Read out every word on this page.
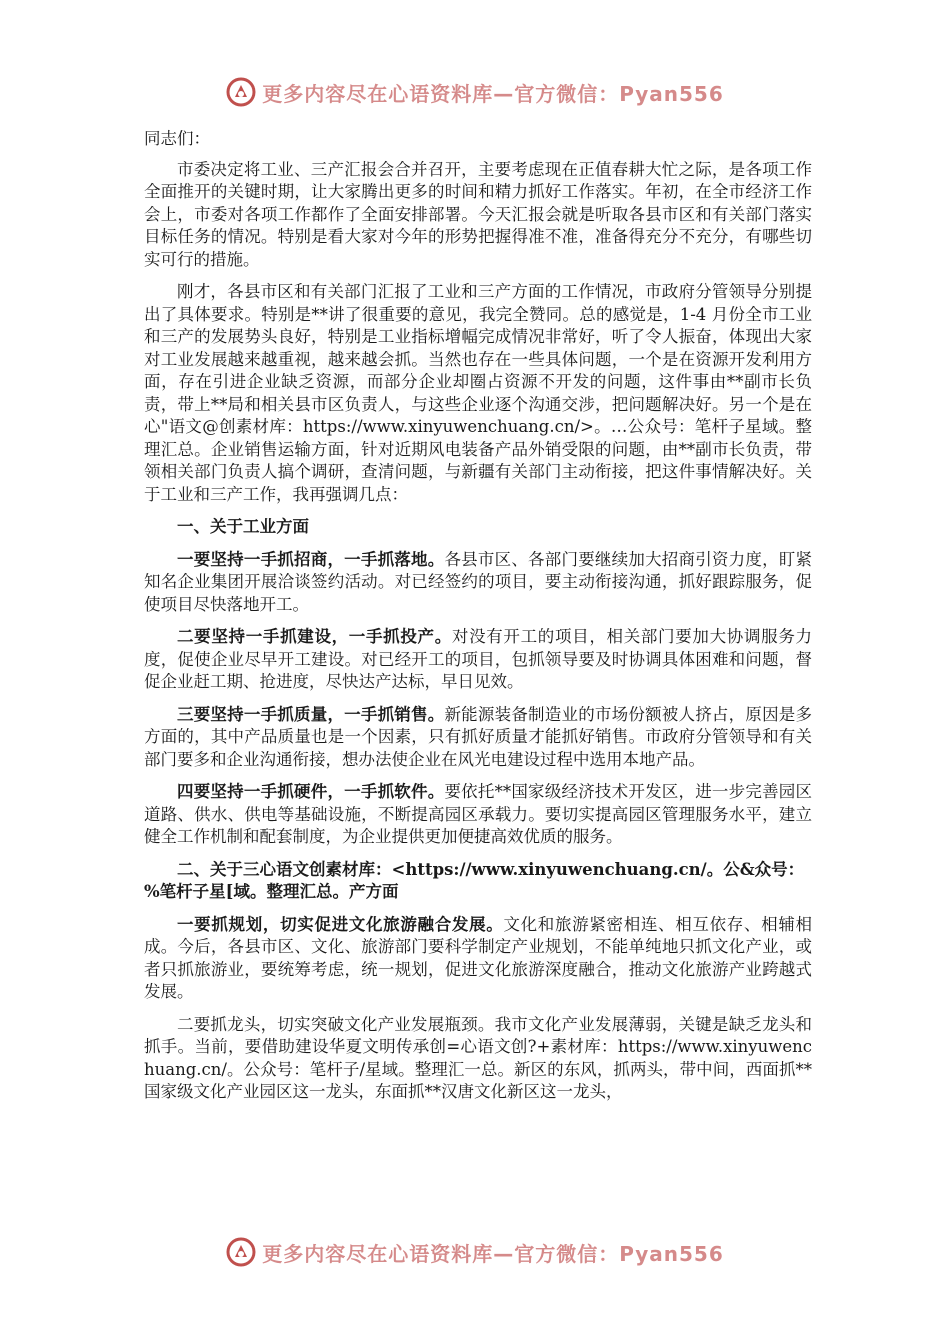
更多内容尽在心语资料库—官方微信：Pyan556

同志们：

市委决定将工业、三产汇报会合并召开，主要考虑现在正值春耕大忙之际，是各项工作全面推开的关键时期，让大家腾出更多的时间和精力抓好工作落实。年初，在全市经济工作会上，市委对各项工作都作了全面安排部署。今天汇报会就是听取各县市区和有关部门落实目标任务的情况。特别是看大家对今年的形势把握得准不准，准备得充分不充分，有哪些切实可行的措施。

刚才，各县市区和有关部门汇报了工业和三产方面的工作情况，市政府分管领导分别提出了具体要求。特别是**讲了很重要的意见，我完全赞同。总的感觉是，1-4 月份全市工业和三产的发展势头良好，特别是工业指标增幅完成情况非常好，听了令人振奋，体现出大家对工业发展越来越重视，越来越会抓。当然也存在一些具体问题，一个是在资源开发利用方面，存在引进企业缺乏资源，而部分企业却圈占资源不开发的问题，这件事由**副市长负责，带上**局和相关县市区负责人，与这些企业逐个沟通交涉，把问题解决好。另一个是在心"语文@创素材库：https://www.xinyuwenchuang.cn/>。…公众号：笔杆子星域。整理汇总。企业销售运输方面，针对近期风电装备产品外销受限的问题，由**副市长负责，带领相关部门负责人搞个调研，查清问题，与新疆有关部门主动衔接，把这件事情解决好。关于工业和三产工作，我再强调几点：

一、关于工业方面

一要坚持一手抓招商，一手抓落地。各县市区、各部门要继续加大招商引资力度，盯紧知名企业集团开展洽谈签约活动。对已经签约的项目，要主动衔接沟通，抓好跟踪服务，促使项目尽快落地开工。

二要坚持一手抓建设，一手抓投产。对没有开工的项目，相关部门要加大协调服务力度，促使企业尽早开工建设。对已经开工的项目，包抓领导要及时协调具体困难和问题，督促企业赶工期、抢进度，尽快达产达标，早日见效。

三要坚持一手抓质量，一手抓销售。新能源装备制造业的市场份额被人挤占，原因是多方面的，其中产品质量也是一个因素，只有抓好质量才能抓好销售。市政府分管领导和有关部门要多和企业沟通衔接，想办法使企业在风光电建设过程中选用本地产品。

四要坚持一手抓硬件，一手抓软件。要依托**国家级经济技术开发区，进一步完善园区道路、供水、供电等基础设施，不断提高园区承载力。要切实提高园区管理服务水平，建立健全工作机制和配套制度，为企业提供更加便捷高效优质的服务。

二、关于三心语文创素材库：<https://www.xinyuwenchuang.cn/。公&众号：%笔杆子星[域。整理汇总。产方面

一要抓规划，切实促进文化旅游融合发展。文化和旅游紧密相连、相互依存、相辅相成。今后，各县市区、文化、旅游部门要科学制定产业规划，不能单纯地只抓文化产业，或者只抓旅游业，要统筹考虑，统一规划，促进文化旅游深度融合，推动文化旅游产业跨越式发展。

二要抓龙头，切实突破文化产业发展瓶颈。我市文化产业发展薄弱，关键是缺乏龙头和抓手。当前，要借助建设华夏文明传承创=心语文创?+素材库：https://www.xinyuwenchuang.cn/。公众号：笔杆子/星域。整理汇一总。新区的东风，抓两头，带中间，西面抓**国家级文化产业园区这一龙头，东面抓**汉唐文化新区这一龙头，

更多内容尽在心语资料库—官方微信：Pyan556
